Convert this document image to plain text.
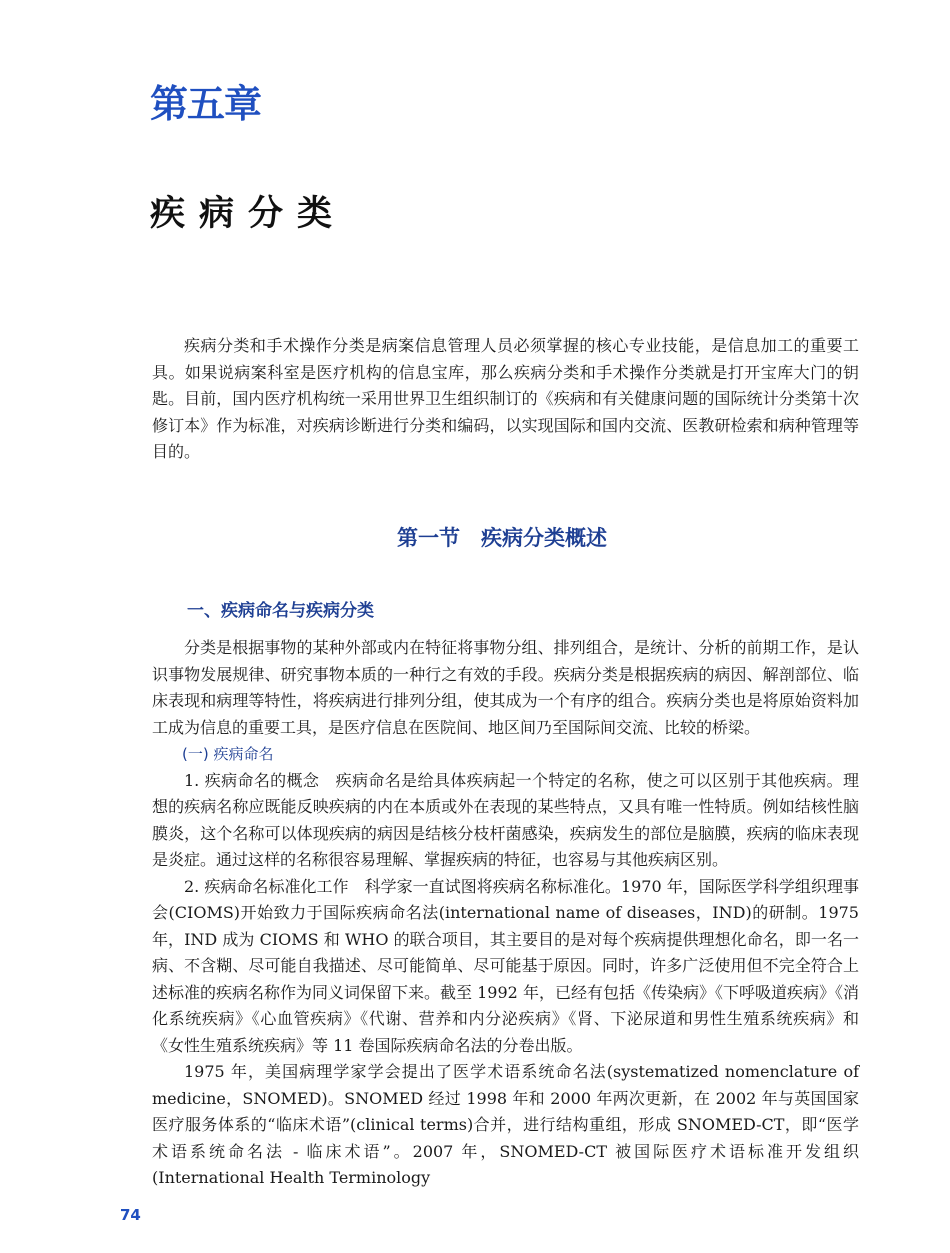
第五章
疾病分类

疾病分类和手术操作分类是病案信息管理人员必须掌握的核心专业技能，是信息加工的重要工具。如果说病案科室是医疗机构的信息宝库，那么疾病分类和手术操作分类就是打开宝库大门的钥匙。目前，国内医疗机构统一采用世界卫生组织制订的《疾病和有关健康问题的国际统计分类第十次修订本》作为标准，对疾病诊断进行分类和编码，以实现国际和国内交流、医教研检索和病种管理等目的。

第一节　疾病分类概述
一、疾病命名与疾病分类

分类是根据事物的某种外部或内在特征将事物分组、排列组合，是统计、分析的前期工作，是认识事物发展规律、研究事物本质的一种行之有效的手段。疾病分类是根据疾病的病因、解剖部位、临床表现和病理等特性，将疾病进行排列分组，使其成为一个有序的组合。疾病分类也是将原始资料加工成为信息的重要工具，是医疗信息在医院间、地区间乃至国际间交流、比较的桥梁。

(一) 疾病命名

1. 疾病命名的概念　疾病命名是给具体疾病起一个特定的名称，使之可以区别于其他疾病。理想的疾病名称应既能反映疾病的内在本质或外在表现的某些特点，又具有唯一性特质。例如结核性脑膜炎，这个名称可以体现疾病的病因是结核分枝杆菌感染，疾病发生的部位是脑膜，疾病的临床表现是炎症。通过这样的名称很容易理解、掌握疾病的特征，也容易与其他疾病区别。

2. 疾病命名标准化工作　科学家一直试图将疾病名称标准化。1970 年，国际医学科学组织理事会(CIOMS)开始致力于国际疾病命名法(international name of diseases，IND)的研制。1975 年，IND 成为 CIOMS 和 WHO 的联合项目，其主要目的是对每个疾病提供理想化命名，即一名一病、不含糊、尽可能自我描述、尽可能简单、尽可能基于原因。同时，许多广泛使用但不完全符合上述标准的疾病名称作为同义词保留下来。截至 1992 年，已经有包括《传染病》《下呼吸道疾病》《消化系统疾病》《心血管疾病》《代谢、营养和内分泌疾病》《肾、下泌尿道和男性生殖系统疾病》和《女性生殖系统疾病》等 11 卷国际疾病命名法的分卷出版。

1975 年，美国病理学家学会提出了医学术语系统命名法(systematized nomenclature of medicine，SNOMED)。SNOMED 经过 1998 年和 2000 年两次更新，在 2002 年与英国国家医疗服务体系的“临床术语”(clinical terms)合并，进行结构重组，形成 SNOMED-CT，即“医学术语系统命名法 - 临床术语”。2007 年，SNOMED-CT 被国际医疗术语标准开发组织(International Health Terminology

74
